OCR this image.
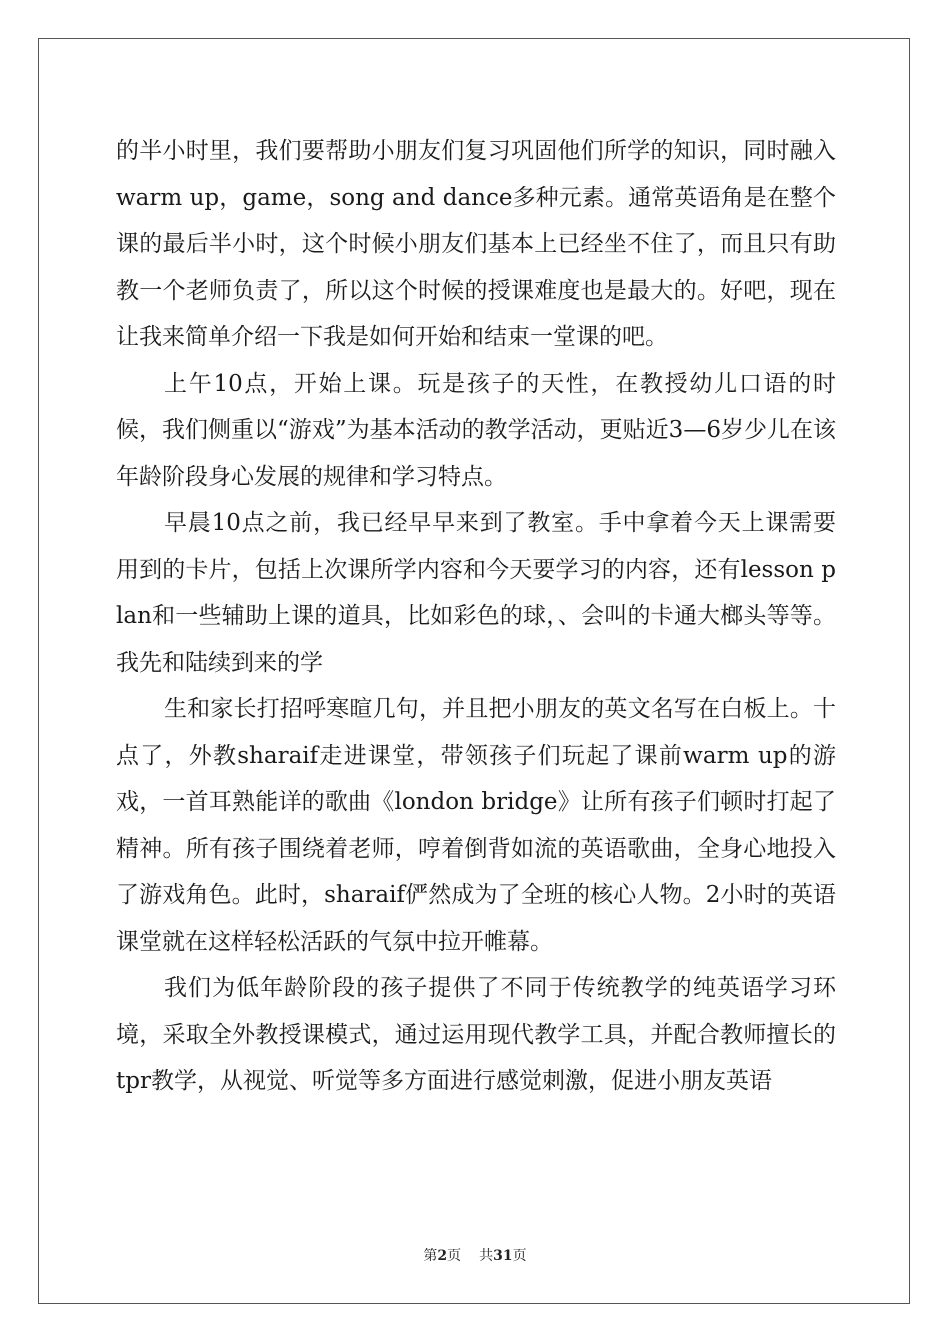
的半小时里，我们要帮助小朋友们复习巩固他们所学的知识，同时融入warm up，game，song and dance多种元素。通常英语角是在整个课的最后半小时，这个时候小朋友们基本上已经坐不住了，而且只有助教一个老师负责了，所以这个时候的授课难度也是最大的。好吧，现在让我来简单介绍一下我是如何开始和结束一堂课的吧。

上午10点，开始上课。玩是孩子的天性，在教授幼儿口语的时候，我们侧重以“游戏”为基本活动的教学活动，更贴近3—6岁少儿在该年龄阶段身心发展的规律和学习特点。

早晨10点之前，我已经早早来到了教室。手中拿着今天上课需要用到的卡片，包括上次课所学内容和今天要学习的内容，还有lesson plan和一些辅助上课的道具，比如彩色的球，、会叫的卡通大榔头等等。我先和陆续到来的学

生和家长打招呼寒暄几句，并且把小朋友的英文名写在白板上。十点了，外教sharaif走进课堂，带领孩子们玩起了课前warm up的游戏，一首耳熟能详的歌曲《london bridge》让所有孩子们顿时打起了精神。所有孩子围绕着老师，哼着倒背如流的英语歌曲，全身心地投入了游戏角色。此时，sharaif俨然成为了全班的核心人物。2小时的英语课堂就在这样轻松活跃的气氛中拉开帷幕。

我们为低年龄阶段的孩子提供了不同于传统教学的纯英语学习环境，采取全外教授课模式，通过运用现代教学工具，并配合教师擅长的tpr教学，从视觉、听觉等多方面进行感觉刺激，促进小朋友英语

第2页 共31页
